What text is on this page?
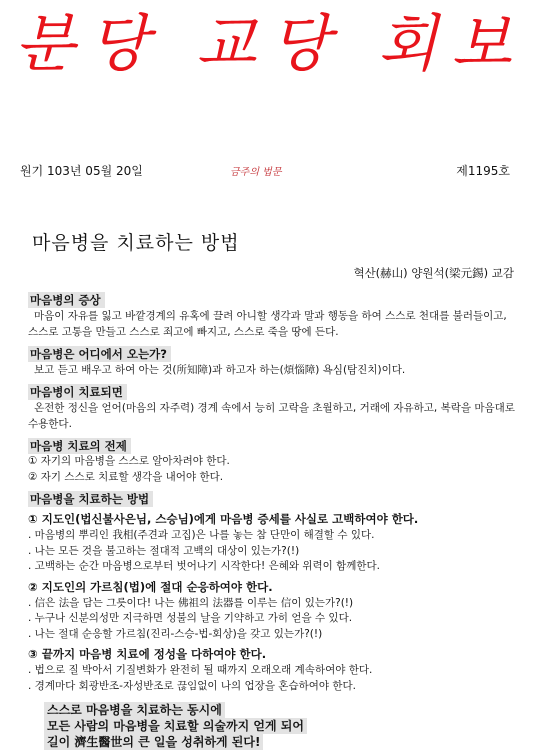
분당 교당 회보
원기 103년 05월 20일	금주의 법문	제1195호
마음병을 치료하는 방법
혁산(赫山) 양원석(梁元錫) 교감
마음병의 증상
마음이 자유를 잃고 바깥경계의 유혹에 끌려 아니할 생각과 말과 행동을 하여 스스로 천대를 불러들이고, 스스로 고통을 만들고 스스로 죄고에 빠지고, 스스로 죽을 땅에 든다.
마음병은 어디에서 오는가?
보고 듣고 배우고 하여 아는 것(所知障)과 하고자 하는(煩惱障) 욕심(탐진치)이다.
마음병이 치료되면
온전한 정신을 얻어(마음의 자주력) 경계 속에서 능히 고락을 초월하고, 거래에 자유하고, 복락을 마음대로 수용한다.
마음병 치료의 전제
① 자기의 마음병을 스스로 알아차려야 한다.
② 자기 스스로 치료할 생각을 내어야 한다.
마음병을 치료하는 방법
① 지도인(법신불사은님, 스승님)에게 마음병 증세를 사실로 고백하여야 한다.
. 마음병의 뿌리인 我相(주견과 고집)은 나를 놓는 참 단만이 해결할 수 있다.
. 나는 모든 것을 불고하는 절대적 고백의 대상이 있는가?(!)
. 고백하는 순간 마음병으로부터 벗어나기 시작한다! 은혜와 위력이 함께한다.
② 지도인의 가르침(법)에 절대 순응하여야 한다.
. 信은 法을 담는 그릇이다! 나는 佛祖의 法器를 이루는 信이 있는가?(!)
. 누구나 신분의성만 지극하면 성불의 날을 기약하고 가히 얻을 수 있다.
. 나는 절대 순응할 가르침(진리-스승-법-회상)을 갖고 있는가?(!)
③ 끝까지 마음병 치료에 정성을 다하여야 한다.
. 법으로 질 박아서 기질변화가 완전히 될 때까지 오래오래 계속하여야 한다.
. 경계마다 회광반조-자성반조로 끊임없이 나의 업장을 혼습하여야 한다.
스스로 마음병을 치료하는 동시에
모든 사람의 마음병을 치료할 의술까지 얻게 되어
길이 濟生醫世의 큰 일을 성취하게 된다!
